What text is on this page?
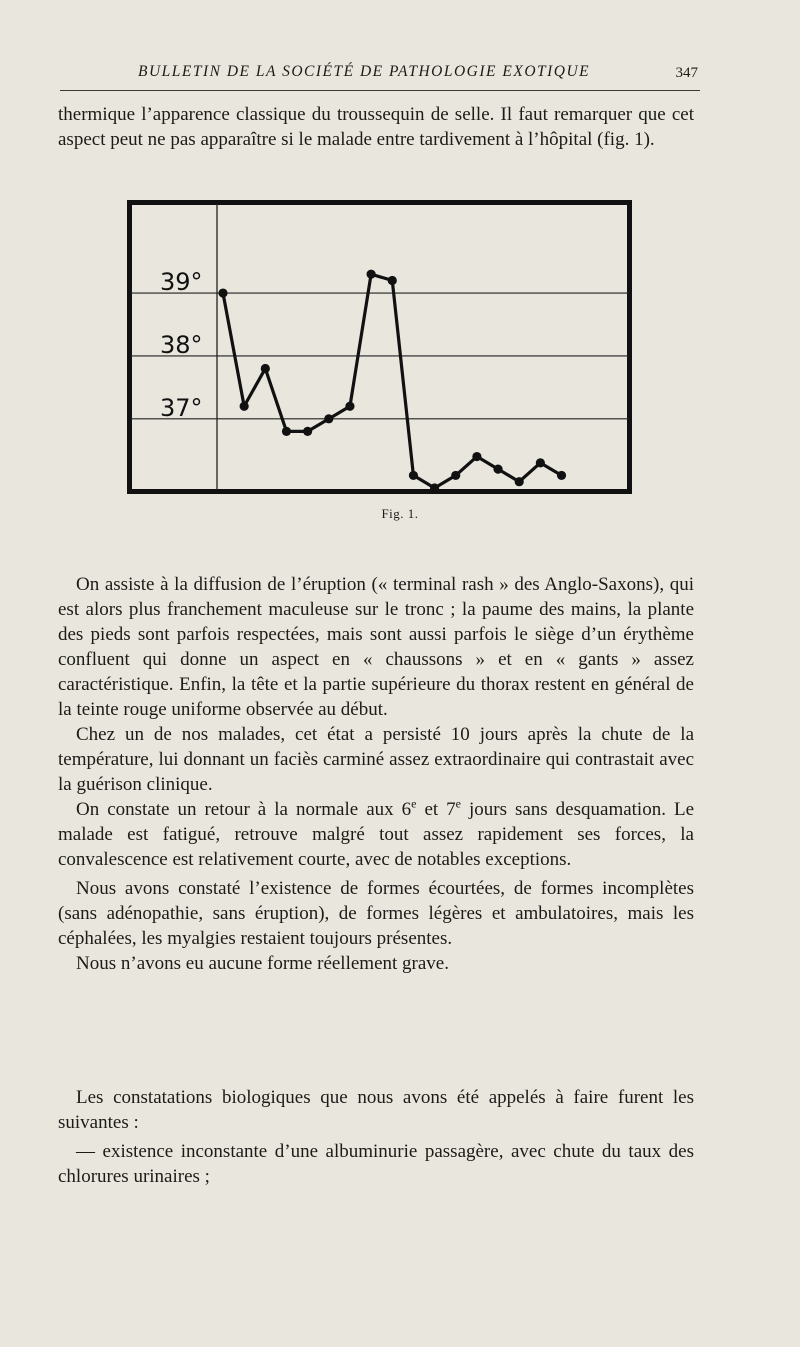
BULLETIN DE LA SOCIÉTÉ DE PATHOLOGIE EXOTIQUE	347

thermique l’apparence classique du troussequin de selle. Il faut remarquer que cet aspect peut ne pas apparaître si le malade entre tardivement à l’hôpital (fig. 1).

39°
38°
37°
Fig. 1.

On assiste à la diffusion de l’éruption (« terminal rash » des Anglo-Saxons), qui est alors plus franchement maculeuse sur le tronc ; la paume des mains, la plante des pieds sont parfois respectées, mais sont aussi parfois le siège d’un érythème confluent qui donne un aspect en « chaussons » et en « gants » assez caractéristique. Enfin, la tête et la partie supérieure du thorax restent en général de la teinte rouge uniforme observée au début.

Chez un de nos malades, cet état a persisté 10 jours après la chute de la température, lui donnant un faciès carminé assez extraordinaire qui contrastait avec la guérison clinique.

On constate un retour à la normale aux 6e et 7e jours sans desquamation. Le malade est fatigué, retrouve malgré tout assez rapidement ses forces, la convalescence est relativement courte, avec de notables exceptions.

Nous avons constaté l’existence de formes écourtées, de formes incomplètes (sans adénopathie, sans éruption), de formes légères et ambulatoires, mais les céphalées, les myalgies restaient toujours présentes.

Nous n’avons eu aucune forme réellement grave.

Les constatations biologiques que nous avons été appelés à faire furent les suivantes :

— existence inconstante d’une albuminurie passagère, avec chute du taux des chlorures urinaires ;
